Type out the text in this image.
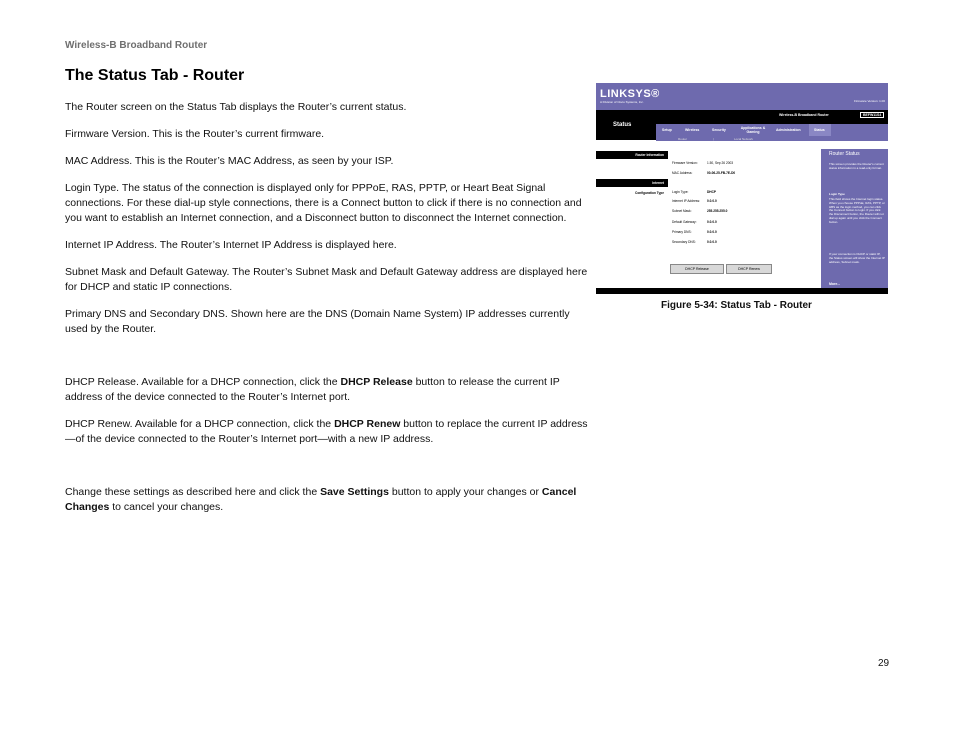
Wireless-B Broadband Router
The Status Tab - Router

The Router screen on the Status Tab displays the Router’s current status.

Firmware Version. This is the Router’s current firmware.

MAC Address. This is the Router’s MAC Address, as seen by your ISP.

Login Type. The status of the connection is displayed only for PPPoE, RAS, PPTP, or Heart Beat Signal connections. For these dial-up style connections, there is a Connect button to click if there is no connection and you want to establish an Internet connection, and a Disconnect button to disconnect the Internet connection.

Internet IP Address. The Router’s Internet IP Address is displayed here.

Subnet Mask and Default Gateway. The Router’s Subnet Mask and Default Gateway address are displayed here for DHCP and static IP connections.

Primary DNS and Secondary DNS. Shown here are the DNS (Domain Name System) IP addresses currently used by the Router.

DHCP Release. Available for a DHCP connection, click the DHCP Release button to release the current IP address of the device connected to the Router’s Internet port.

DHCP Renew. Available for a DHCP connection, click the DHCP Renew button to replace the current IP address—of the device connected to the Router’s Internet port—with a new IP address.

Change these settings as described here and click the Save Settings button to apply your changes or Cancel Changes to cancel your changes.

LINKSYS®
A Division of Cisco Systems, Inc.	Firmware Version: 1.00
Status
Wireless-B Broadband Router	BEFW11S4
Setup	Wireless	Security	Applications & Gaming	Administration	Status
Router	|	Local Network
Router Information
Internet
Configuration Type
Firmware Version:	1.50, Sep 26 2003
MAC Address:	00-06-25-FB-7E-D0
Login Type:	DHCP
Internet IP Address: 0.0.0.0
Subnet Mask:	255.255.255.0
Default Gateway:	0.0.0.0
Primary DNS:	0.0.0.0
Secondary DNS:	0.0.0.0
DHCP Release	DHCP Renew
Router Status
This screen provides the Router's current status information in a read-only format.
Login Type
This field shows the Internet login status. When you choose PPPoE, RAS, PPTP, or HBS as the login method, you can click the Connect button to login. If you click the Disconnect button, the Router will not dial up again until you click the Connect button.
If your connection is DHCP or static IP, the Status screen will show the Internet IP address, Subnet mask.
More...
Figure 5-34: Status Tab - Router
29
